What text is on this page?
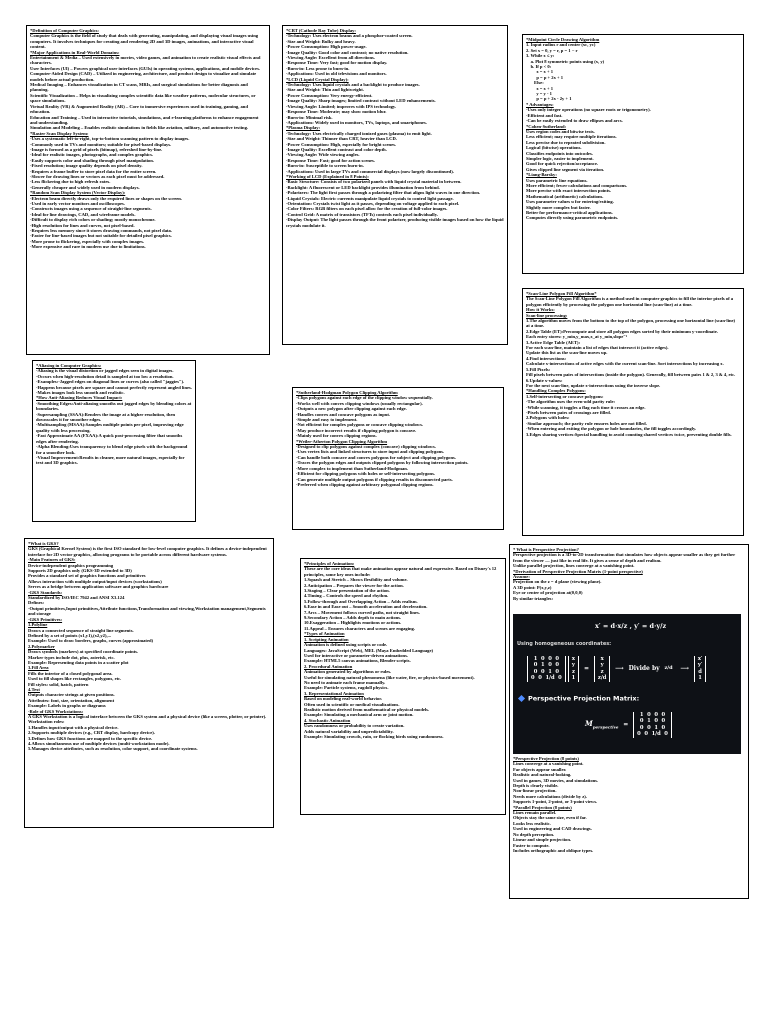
*Definition of Computer Graphics:

Computer Graphics is the field of study that deals with generating, manipulating, and displaying visual images using computers. It involves techniques for creating and rendering 2D and 3D images, animations, and interactive visual content.

*Major Applications in Real-World Domains:

Entertainment & Media – Used extensively in movies, video games, and animation to create realistic visual effects and characters.

User Interfaces (UI) – Powers graphical user interfaces (GUIs) in operating systems, applications, and mobile devices.

Computer-Aided Design (CAD) – Utilized in engineering, architecture, and product design to visualize and simulate models before actual production.

Medical Imaging – Enhances visualization in CT scans, MRIs, and surgical simulations for better diagnosis and planning.

Scientific Visualization – Helps in visualizing complex scientific data like weather patterns, molecular structures, or space simulations.

Virtual Reality (VR) & Augmented Reality (AR) – Core to immersive experiences used in training, gaming, and education.

Education and Training – Used in interactive tutorials, simulations, and e-learning platforms to enhance engagement and understanding.

Simulation and Modeling – Enables realistic simulations in fields like aviation, military, and automotive testing.

*Raster Scan Display System:

-Uses a systematic left-to-right, top-to-bottom scanning pattern to display images.

-Commonly used in TVs and monitors; suitable for pixel-based displays.

-Image is formed as a grid of pixels (bitmap), refreshed line-by-line.

-Ideal for realistic images, photographs, and complex graphics.

-Easily supports color and shading through pixel manipulation.

-Fixed resolution; image quality depends on pixel density.

-Requires a frame buffer to store pixel data for the entire screen.

-Slower for drawing lines or vectors as each pixel must be addressed.

-Less flickering due to high refresh rates.

-Generally cheaper and widely used in modern displays.

*Random Scan Display System (Vector Display):

-Electron beam directly draws only the required lines or shapes on the screen.

-Used in early vector monitors and oscilloscopes.

-Constructs images using a sequence of straight-line segments.

-Ideal for line drawings, CAD, and wireframe models.

-Difficult to display rich colors or shading; mostly monochrome.

-High resolution for lines and curves, not pixel-based.

-Requires less memory since it stores drawing commands, not pixel data.

-Faster for line-based images but not suitable for detailed pixel graphics.

-More prone to flickering, especially with complex images.

-More expensive and rare in modern use due to limitations.

*CRT (Cathode Ray Tube) Display:

-Technology: Uses electron beams and a phosphor-coated screen.

-Size and Weight: Bulky and heavy.

-Power Consumption: High power usage.

-Image Quality: Good color and contrast; no native resolution.

-Viewing Angle: Excellent from all directions.

-Response Time: Very fast; good for motion display.

-Burn-in: Less prone to burn-in.

-Applications: Used in old televisions and monitors.

*LCD (Liquid Crystal Display):

-Technology: Uses liquid crystals and a backlight to produce images.

-Size and Weight: Thin and lightweight.

-Power Consumption: Very energy-efficient.

-Image Quality: Sharp images; limited contrast without LED enhancements.

-Viewing Angle: Limited; improves with IPS technology.

-Response Time: Moderate; may show motion blur.

-Burn-in: Minimal risk.

-Applications: Widely used in monitors, TVs, laptops, and smartphones.

*Plasma Display:

-Technology: Uses electrically charged ionized gases (plasma) to emit light.

-Size and Weight: Thinner than CRT, heavier than LCD.

-Power Consumption: High, especially for bright scenes.

-Image Quality: Excellent contrast and color depth.

-Viewing Angle: Wide viewing angles.

-Response Time: Fast; good for action scenes.

-Burn-in: Susceptible to screen burn-in.

-Applications: Used in large TVs and commercial displays (now largely discontinued).

*Working of LCD (Explained in 8 Points):

-Basic Structure: Consists of two polarized panels with liquid crystal material in between.

-Backlight: A fluorescent or LED backlight provides illumination from behind.

-Polarizers: The light first passes through a polarizing filter that aligns light waves in one direction.

-Liquid Crystals: Electric currents manipulate liquid crystals to control light passage.

-Orientation: Crystals twist light as it passes, depending on voltage applied to each pixel.

-Color Filters: RGB filters on each pixel allow for the creation of full-color images.

-Control Grid: A matrix of transistors (TFTs) controls each pixel individually.

-Display Output: The light passes through the front polarizer, producing visible images based on how the liquid crystals modulate it.

*Midpoint Circle Drawing Algorithm

1. Input radius r and center (xc, yc)

2. Set x = 0, y = r, p = 1 − r

3. While x ≤ y:

a. Plot 8 symmetric points using (x, y)

b. If p < 0:

x = x + 1

p = p + 2x + 1

Else:

x = x + 1

y = y - 1

p = p + 2x - 2y + 1

* Advantages:

-Uses only integer operations (no square roots or trigonometry).

-Efficient and fast.

-Can be easily extended to draw ellipses and arcs.

*Cohen-Sutherland:

Uses region codes and bitwise tests.

Less efficient; may require multiple iterations.

Less precise due to repeated subdivision.

Logical (bitwise) operations.

Classifies endpoints into outcodes.

Simpler logic, easier to implement.

Good for quick rejection/acceptance.

Gives clipped line segment via iteration.

*Liang-Barsky:

Uses parametric line equations.

More efficient; fewer calculations and comparisons.

More precise with exact intersection points.

Mathematical (arithmetic) calculations.

Uses parameter values u for entering/exiting.

Slightly more complex but faster.

Better for performance-critical applications.

Computes directly using parametric endpoints.

*Scan-Line Polygon Fill Algorithm*

The Scan-Line Polygon Fill Algorithm is a method used in computer graphics to fill the interior pixels of a polygon efficiently by processing the polygon one horizontal line (scan-line) at a time.

How it Works:

Scan-line processing:

1.The algorithm moves from the bottom to the top of the polygon, processing one horizontal line (scan-line) at a time.

2.Edge Table (ET):Precompute and store all polygon edges sorted by their minimum y-coordinate.

Each entry stores: y_min,y_max,x_at y_min,slope⁻¹

3.Active Edge Table (AET):

For each scan-line, maintain a list of edges that intersect it (active edges).

Update this list as the scan-line moves up.

4.Find intersections:

Calculate x-intersections of active edges with the current scan-line. Sort intersections by increasing x.

5.Fill Pixels:

Fill pixels between pairs of intersections (inside the polygon). Generally, fill between pairs 1 & 2, 3 & 4, etc.

6.Update x-values:

For the next scan-line, update x-intersections using the inverse slope.

*Handling Complex Polygons:

1.Self-intersecting or concave polygons:

-The algorithm uses the even-odd parity rule:

-While scanning, it toggles a flag each time it crosses an edge.

-Pixels between pairs of crossings are filled.

2.Polygons with holes:

-Similar approach; the parity rule ensures holes are not filled.

-When entering and exiting the polygon or hole boundaries, the fill toggles accordingly.

3.Edges sharing vertices:Special handling to avoid counting shared vertices twice, preventing double fills.

*Aliasing in Computer Graphics:

-Aliasing is the visual distortion or jagged edges seen in digital images.

-Occurs when high-resolution detail is sampled at too low a resolution.

-Examples:-Jagged edges on diagonal lines or curves (also called "jaggies").

-Happens because pixels are square and cannot perfectly represent angled lines.

-Makes images look less smooth and realistic.

*How Anti-Aliasing Reduces Visual Impact:

-Smoothing Edges:Anti-aliasing smooths out jagged edges by blending colors at boundaries.

-Supersampling (SSAA):Renders the image at a higher resolution, then downscales it for smoother edges.

-Multisampling (MSAA):Samples multiple points per pixel, improving edge quality with less processing.

-Fast Approximate AA (FXAA):A quick post-processing filter that smooths edges after rendering.

-Alpha Blending:Uses transparency to blend edge pixels with the background for a smoother look.

-Visual Improvement:Results in cleaner, more natural images, especially for text and 3D graphics.

*Sutherland-Hodgman Polygon Clipping Algorithm

-Clips polygons against each edge of the clipping window sequentially.

-Works well with convex clipping windows (usually rectangular).

-Outputs a new polygon after clipping against each edge.

-Handles convex and concave polygons as input.

-Simple and easy to implement.

-Not efficient for complex polygons or concave clipping windows.

-May produce incorrect results if clipping polygon is concave.

-Mainly used for convex clipping regions.

*Weiler-Atherton Polygon Clipping Algorithm

-Designed to clip polygons against complex (concave) clipping windows.

-Uses vertex lists and linked structures to store input and clipping polygons.

-Can handle both concave and convex polygons for subject and clipping polygons.

-Traces the polygon edges and outputs clipped polygons by following intersection points.

-More complex to implement than Sutherland-Hodgman.

-Efficient for clipping polygons with holes or self-intersecting polygons.

-Can generate multiple output polygons if clipping results in disconnected parts.

-Preferred when clipping against arbitrary polygonal clipping regions.

*What is GKS?

GKS (Graphical Kernel System) is the first ISO standard for low-level computer graphics. It defines a device-independent interface for 2D vector graphics, allowing programs to be portable across different hardware systems.

-Main Features of GKS:

Device-independent graphics programming

Supports 2D graphics only (GKS-3D extended to 3D)

Provides a standard set of graphics functions and primitives

Allows interaction with multiple output/input devices (workstations)

Serves as a bridge between application software and graphics hardware

-GKS Standards:

Standardized by ISO/IEC 7942 and ANSI X3.124

Defines:

-Output primitives,Input primitives,Attribute functions,Transformation and viewing,Workstation management,Segments and storage

-GKS Primitives:

1.Polyline

Draws a connected sequence of straight line segments.

Defined by a set of points (x1,y1),(x2,y2),...

Example: Used to draw borders, graphs, curves (approximated)

2.Polymarker

Draws symbols (markers) at specified coordinate points.

Marker types include dot, plus, asterisk, etc.

Example: Representing data points in a scatter plot

3.Fill Area

Fills the interior of a closed polygonal area.

Used to fill shapes like rectangles, polygons, etc.

Fill styles: solid, hatch, pattern

4.Text

Outputs character strings at given positions.

Attributes: font, size, orientation, alignment

Example: Labels in graphs or diagrams

-Role of GKS Workstations:

A GKS Workstation is a logical interface between the GKS system and a physical device (like a screen, plotter, or printer).

Workstation roles:

1.Handles input/output with a physical device.

2.Supports multiple devices (e.g., CRT display, hardcopy device).

3.Defines how GKS functions are mapped to the specific device.

4.Allows simultaneous use of multiple devices (multi-workstation mode).

5.Manages device attributes, such as resolution, color support, and coordinate systems.

*Principles of Animation:

These are the core ideas that make animation appear natural and expressive. Based on Disney's 12 principles, some key ones include:

1.Squash and Stretch – Shows flexibility and volume.

2.Anticipation – Prepares the viewer for the action.

3.Staging – Clear presentation of the action.

4.Timing – Controls the speed and rhythm.

5.Follow-through and Overlapping Action – Adds realism.

6.Ease in and Ease out – Smooth acceleration and deceleration.

7.Arcs – Movement follows curved paths, not straight lines.

9.Secondary Action – Adds depth to main actions.

10.Exaggeration – Highlights emotions or actions.

11.Appeal – Ensures characters and scenes are engaging.

*Types of Animation

1. Scripting Animation

Animation is defined using scripts or code.

Languages: JavaScript (Web), MEL (Maya Embedded Language)

Used for interactive or parameter-driven animations.

Example: HTML5 canvas animations, Blender scripts.

2. Procedural Animation

Animation generated by algorithms or rules.

Useful for simulating natural phenomena (like water, fire, or physics-based movement).

No need to animate each frame manually.

Example: Particle systems, ragdoll physics.

3. Representational Animation

Based on modeling real-world behavior.

Often used in scientific or medical visualizations.

Realistic motion derived from mathematical or physical models.

Example: Simulating a mechanical arm or joint motion.

4. Stochastic Animation

Uses randomness or probability to create variation.

Adds natural variability and unpredictability.

Example: Simulating crowds, rain, or flocking birds using randomness.

* What is Perspective Projection?

Perspective projection is a 3D-to-2D transformation that simulates how objects appear smaller as they get further from the viewer — just like in real life. It gives a sense of depth and realism.

Unlike parallel projection, lines converge at a vanishing point.

*Derivation of Perspective Projection Matrix (1-point perspective)

Assume:

Projection on the z = d plane (viewing plane).

A 3D point: P(x,y,z)

Eye or center of projection at(0,0,0)

By similar triangles:

x′ = d·x/z , y′ = d·y/z
Using homogeneous coordinates:
1  0  0  0
0  1  0  0
0  0  1  0
0  0  1/d  0

x
y
z
1
=
x
y
z
z/d
⟶ Divide by z/d ⟶
x′
y′
d
1
Perspective Projection Matrix:
$M_{perspective}$ =
1  0  0  0
0  1  0  0
0  0  1  0
0  0  1/d  0

*Perspective Projection (8 points)

Lines converge at a vanishing point.

Far objects appear smaller.

Realistic and natural-looking.

Used in games, 3D movies, and simulations.

Depth is clearly visible.

Non-linear projection.

Needs more calculations (divide by z).

Supports 1-point, 2-point, or 3-point views.

*Parallel Projection (8 points)

Lines remain parallel.

Objects stay the same size, even if far.

Looks less realistic.

Used in engineering and CAD drawings.

No depth perception.

Linear and simple projection.

Faster to compute.

Includes orthographic and oblique types.
